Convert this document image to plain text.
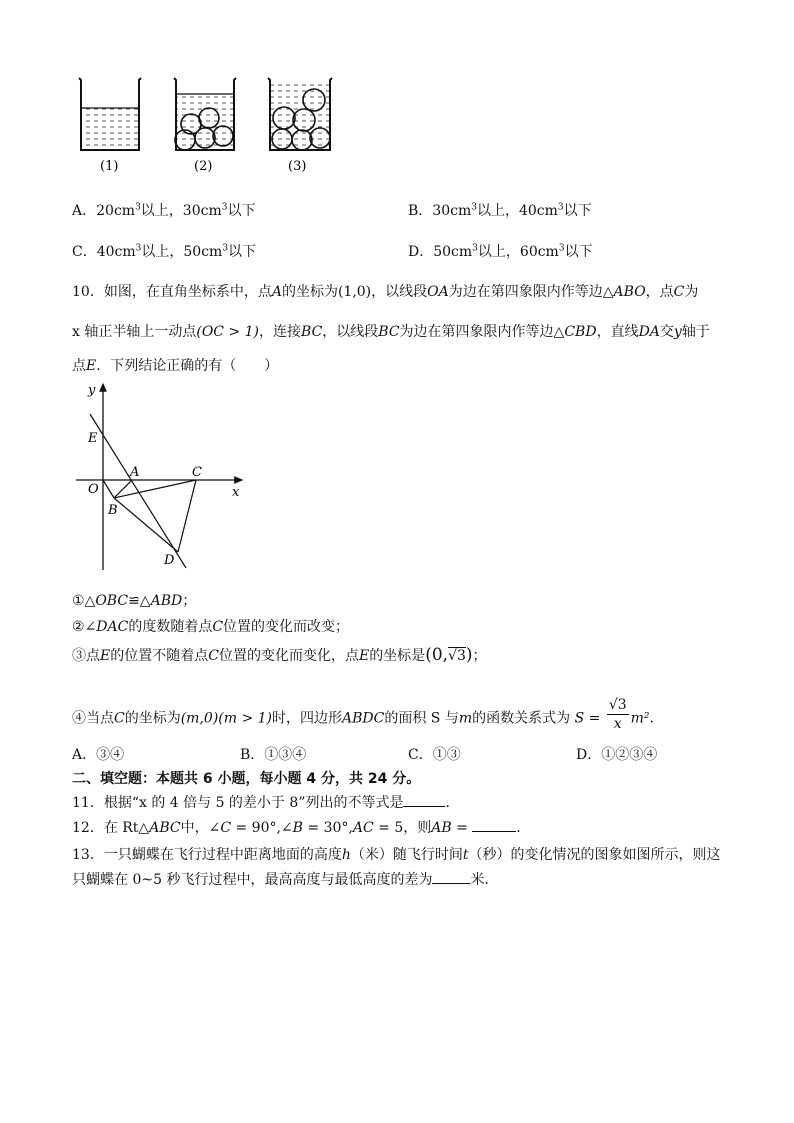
(1)	(2)	(3)
A．$20cm^3$以上，$30cm^3$以下	B．$30cm^3$以上，$40cm^3$以下
C．$40cm^3$以上，$50cm^3$以下	D．$50cm^3$以上，$60cm^3$以下
10．如图，在直角坐标系中，点A的坐标为(1,0)，以线段OA为边在第四象限内作等边△ABO，点C为
x 轴正半轴上一动点(OC > 1)，连接BC，以线段BC为边在第四象限内作等边△CBD，直线DA交y轴于
点E．下列结论正确的有（　　）
y
x
O
E
A	C
B
D
①△OBC≌△ABD；
②∠DAC的度数随着点C位置的变化而改变；
③点E的位置不随着点C位置的变化而变化，点E的坐标是(0,√3)；
④当点C的坐标为(m,0)(m > 1)时，四边形ABDC的面积 S 与m的函数关系式为 $S = \frac{√3}{x} m^2$．
A．③④	B．①③④	C．①③	D．①②③④
二、填空题：本题共 6 小题，每小题 4 分，共 24 分。
11．根据“x 的 4 倍与 5 的差小于 8”列出的不等式是	．
12．在 Rt△ABC中，∠C = 90°,∠B = 30°,AC = 5，则AB =	．
13．一只蝴蝶在飞行过程中距离地面的高度h（米）随飞行时间t（秒）的变化情况的图象如图所示，则这
只蝴蝶在 0~5 秒飞行过程中，最高高度与最低高度的差为	米．
